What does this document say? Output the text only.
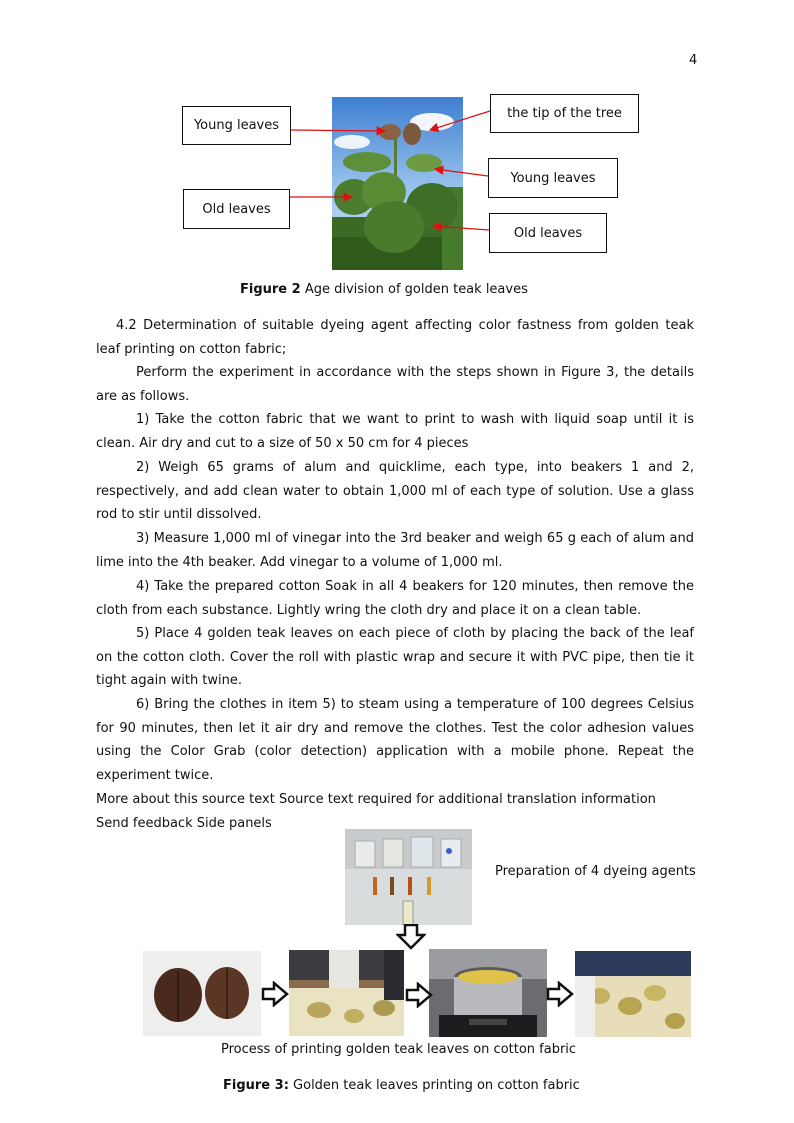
4
Young leaves
Old leaves
the tip of the tree
Young leaves
Old leaves
Figure 2 Age division of golden teak leaves
4.2 Determination of suitable dyeing agent affecting color fastness from golden teak leaf printing on cotton fabric;
Perform the experiment in accordance with the steps shown in Figure 3, the details are as follows.
1) Take the cotton fabric that we want to print to wash with liquid soap until it is clean. Air dry and cut to a size of 50 x 50 cm for 4 pieces
2) Weigh 65 grams of alum and quicklime, each type, into beakers 1 and 2, respectively, and add clean water to obtain 1,000 ml of each type of solution. Use a glass rod to stir until dissolved.
3) Measure 1,000 ml of vinegar into the 3rd beaker and weigh 65 g each of alum and lime into the 4th beaker. Add vinegar to a volume of 1,000 ml.
4) Take the prepared cotton Soak in all 4 beakers for 120 minutes, then remove the cloth from each substance. Lightly wring the cloth dry and place it on a clean table.
5) Place 4 golden teak leaves on each piece of cloth by placing the back of the leaf on the cotton cloth. Cover the roll with plastic wrap and secure it with PVC pipe, then tie it tight again with twine.
6) Bring the clothes in item 5) to steam using a temperature of 100 degrees Celsius for 90 minutes, then let it air dry and remove the clothes. Test the color adhesion values using the Color Grab (color detection) application with a mobile phone. Repeat the experiment twice.
More about this source text Source text required for additional translation information
Send feedback Side panels
Preparation of 4 dyeing agents
Process of printing golden teak leaves on cotton fabric
Figure 3: Golden teak leaves printing on cotton fabric
